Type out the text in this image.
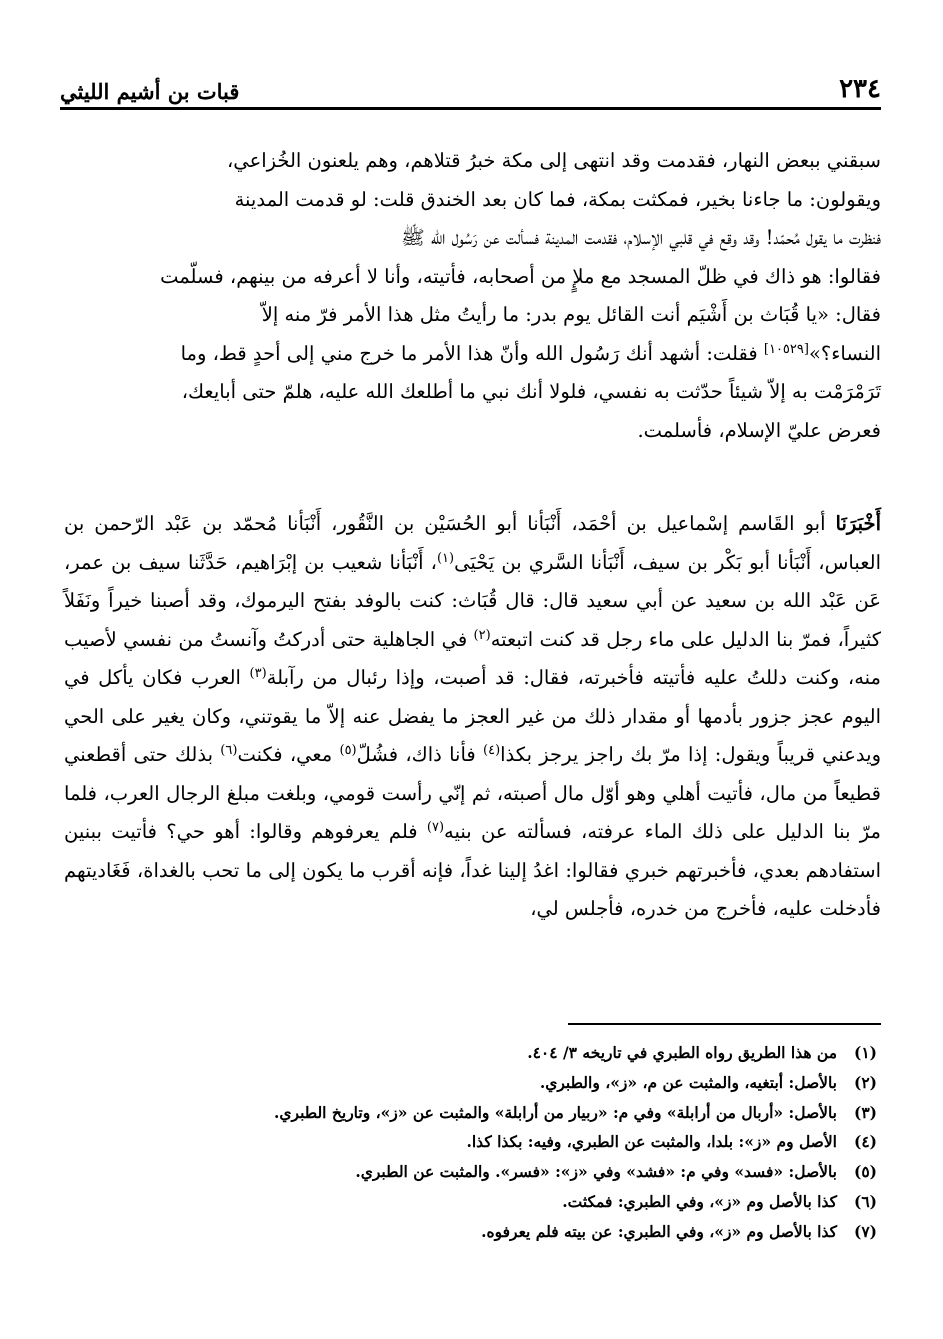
٢٣٤
قبات بن أشيم الليثي
سبقني ببعض النهار، فقدمت وقد انتهى إلى مكة خبرُ قتلاهم، وهم يلعنون الخُزاعي،
ويقولون: ما جاءنا بخير، فمكثت بمكة، فما كان بعد الخندق قلت: لو قدمت المدينة
فنظرت ما يقول مُحمّد! وقد وقع في قلبي الإسلام، فقدمت المدينة فسألت عن رَسُول الله ﷺ
فقالوا: هو ذاك في ظلّ المسجد مع ملإٍ من أصحابه، فأتيته، وأنا لا أعرفه من بينهم، فسلّمت
فقال: «يا قُبَاث بن أَشْيَم أنت القائل يوم بدر: ما رأيتُ مثل هذا الأمر فرّ منه إلاّ
النساء؟»[١٠٥٢٩] فقلت: أشهد أنك رَسُول الله وأنّ هذا الأمر ما خرج مني إلى أحدٍ قط، وما
تَرَمْرَمْت به إلاّ شيئاً حدّثت به نفسي، فلولا أنك نبي ما أطلعك الله عليه، هلمّ حتى أبايعك،
فعرض عليّ الإسلام، فأسلمت.
أَخْبَرَنَا أبو القَاسم إسْماعيل بن أحْمَد، أَنْبَأنا أبو الحُسَيْن بن النَّقُور، أَنْبَأنا مُحمّد بن عَبْد الرّحمن بن العباس، أَنْبَأنا أبو بَكْر بن سيف، أَنْبَأنا السَّري بن يَحْيَى$^{(١)}$، أَنْبَأنا شعيب بن إبْرَاهيم، حَدَّثَنا سيف بن عمر، عَن عَبْد الله بن سعيد عن أبي سعيد قال: قال قُبَاث: كنت بالوفد بفتح اليرموك، وقد أصبنا خيراً ونَفَلاً كثيراً، فمرّ بنا الدليل على ماء رجل قد كنت اتبعته$^{(٢)}$ في الجاهلية حتى أدركتُ وآنستُ من نفسي لأصيب منه، وكنت دللتُ عليه فأتيته فأخبرته، فقال: قد أصبت، وإذا رئبال من رآبلة$^{(٣)}$ العرب فكان يأكل في اليوم عجز جزور بأدمها أو مقدار ذلك من غير العجز ما يفضل عنه إلاّ ما يقوتني، وكان يغير على الحي ويدعني قريباً ويقول: إذا مرّ بك راجز يرجز بكذا$^{(٤)}$ فأنا ذاك، فشُلّ$^{(٥)}$ معي، فكنت$^{(٦)}$ بذلك حتى أقطعني قطيعاً من مال، فأتيت أهلي وهو أوّل مال أصبته، ثم إنّي رأست قومي، وبلغت مبلغ الرجال العرب، فلما مرّ بنا الدليل على ذلك الماء عرفته، فسألته عن بنيه$^{(٧)}$ فلم يعرفوهم وقالوا: أهو حي؟ فأتيت ببنين استفادهم بعدي، فأخبرتهم خبري فقالوا: اغدُ إلينا غداً، فإنه أقرب ما يكون إلى ما تحب بالغداة، فَغَاديتهم فأدخلت عليه، فأخرج من خدره، فأجلس لي،
(١)
من هذا الطريق رواه الطبري في تاريخه ٣/ ٤٠٤.
(٢)
بالأصل: أبتغيه، والمثبت عن م، «ز»، والطبري.
(٣)
بالأصل: «أربال من أرابلة» وفي م: «ربيار من أرابلة» والمثبت عن «ز»، وتاريخ الطبري.
(٤)
الأصل وم «ز»: بلدا، والمثبت عن الطبري، وفيه: بكذا كذا.
(٥)
بالأصل: «فسد» وفي م: «فشد» وفي «ز»: «فسر». والمثبت عن الطبري.
(٦)
كذا بالأصل وم «ز»، وفي الطبري: فمكثت.
(٧)
كذا بالأصل وم «ز»، وفي الطبري: عن بيته فلم يعرفوه.
